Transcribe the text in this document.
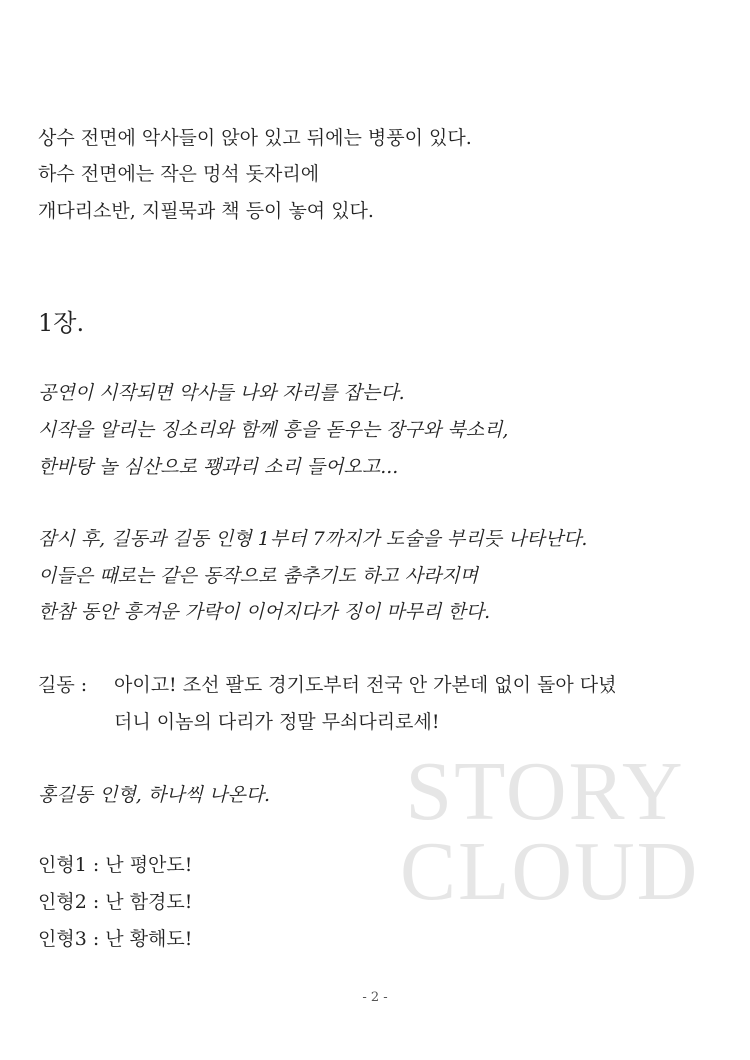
STORY
CLOUD
상수 전면에 악사들이 앉아 있고 뒤에는 병풍이 있다.
하수 전면에는 작은 멍석 돗자리에
개다리소반, 지필묵과 책 등이 놓여 있다.
1장.
공연이 시작되면 악사들 나와 자리를 잡는다.
시작을 알리는 징소리와 함께 흥을 돋우는 장구와 북소리,
한바탕 놀 심산으로 꽹과리 소리 들어오고...
잠시 후, 길동과 길동 인형 1부터 7까지가 도술을 부리듯 나타난다.
이들은 때로는 같은 동작으로 춤추기도 하고 사라지며
한참 동안 흥겨운 가락이 이어지다가 징이 마무리 한다.
길동 : 아이고! 조선 팔도 경기도부터 전국 안 가본데 없이 돌아 다녔
더니 이놈의 다리가 정말 무쇠다리로세!
홍길동 인형, 하나씩 나온다.
인형1 : 난 평안도!
인형2 : 난 함경도!
인형3 : 난 황해도!
- 2 -
